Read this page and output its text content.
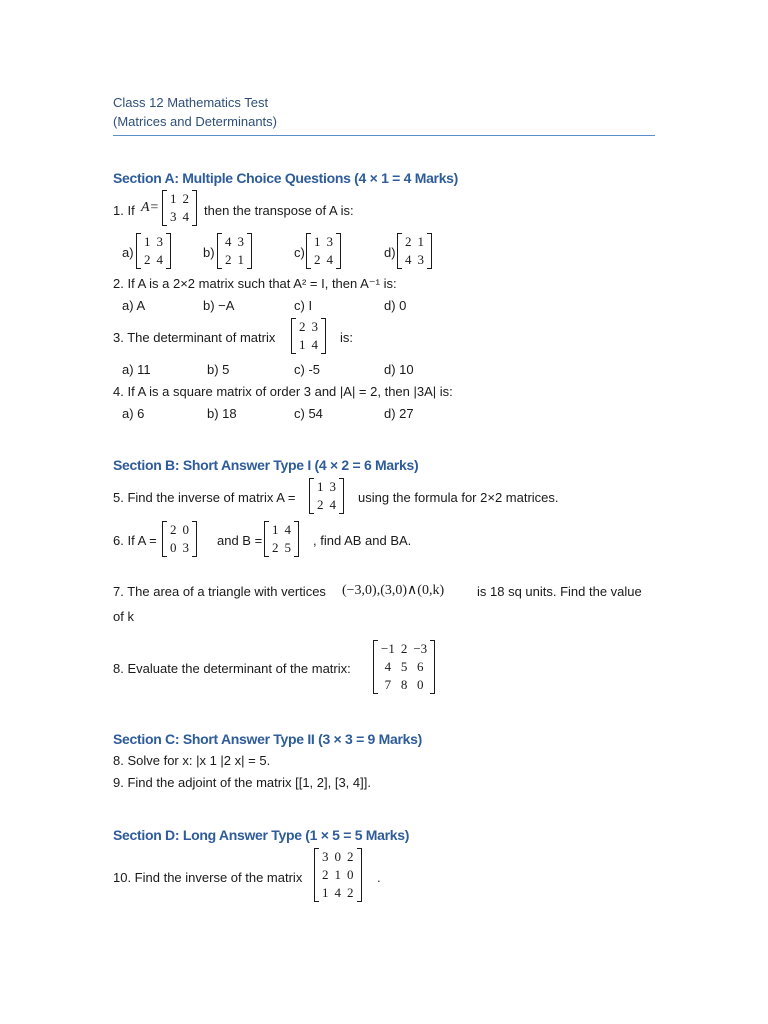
Class 12 Mathematics Test
(Matrices and Determinants)
Section A: Multiple Choice Questions (4 × 1 = 4 Marks)
1. If A=
1	2
3	4 then the transpose of A is:
a)
1	3
2	4	b)
4	3
2	1	c)
1	3
2	4	d)
2	1
4	3
2. If A is a 2×2 matrix such that A² = I, then A⁻¹ is:
a) A	b) −A	c) I	d) 0
3. The determinant of matrix
2	3
1	4 is:
a) 11	b) 5	c) -5	d) 10
4. If A is a square matrix of order 3 and |A| = 2, then |3A| is:
a) 6	b) 18	c) 54	d) 27
Section B: Short Answer Type I (4 × 2 = 6 Marks)
5. Find the inverse of matrix A =
1	3
2	4 using the formula for 2×2 matrices.
6. If A =
2	0
0	3 and B =
1	4
2	5 , find AB and BA.
7. The area of a triangle with vertices (−3,0),(3,0)∧(0,k)	is 18 sq units. Find the value
of k
8. Evaluate the determinant of the matrix:
−1	2	−3
4	5	6
7	8	0
Section C: Short Answer Type II (3 × 3 = 9 Marks)
8. Solve for x: |x 1 |2 x| = 5.
9. Find the adjoint of the matrix [[1, 2], [3, 4]].
Section D: Long Answer Type (1 × 5 = 5 Marks)
10. Find the inverse of the matrix
3	0	2
2	1	0
1	4	2
.
